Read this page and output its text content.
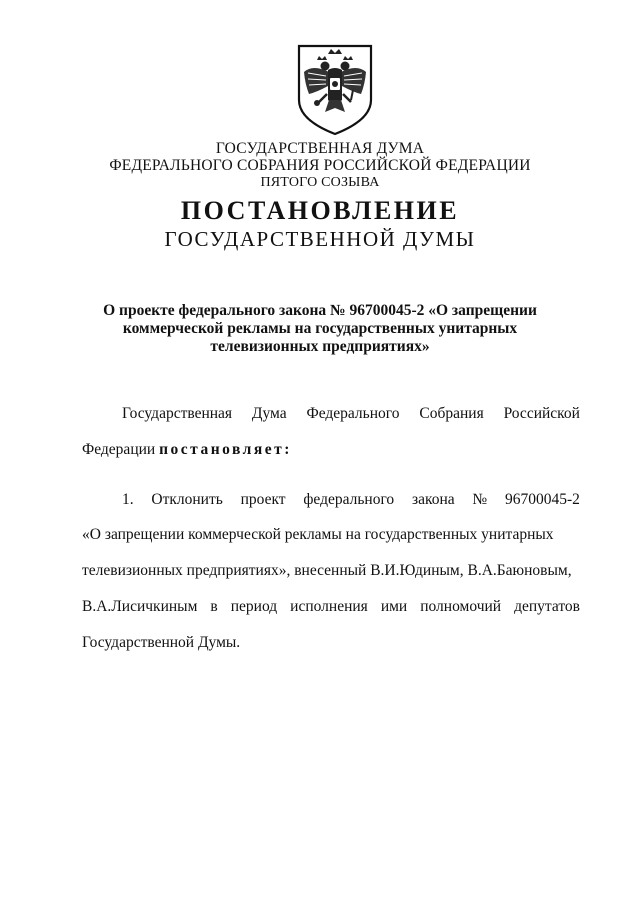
ГОСУДАРСТВЕННАЯ ДУМА
ФЕДЕРАЛЬНОГО СОБРАНИЯ РОССИЙСКОЙ ФЕДЕРАЦИИ
ПЯТОГО СОЗЫВА
ПОСТАНОВЛЕНИЕ
ГОСУДАРСТВЕННОЙ ДУМЫ
О проекте федерального закона № 96700045-2 «О запрещении
коммерческой рекламы на государственных унитарных
телевизионных предприятиях»
Государственная Дума Федерального Собрания Российской
Федерации постановляет:
1. Отклонить проект федерального закона № 96700045-2
«О запрещении коммерческой рекламы на государственных унитарных
телевизионных предприятиях», внесенный В.И.Юдиным, В.А.Баюновым,
В.А.Лисичкиным в период исполнения ими полномочий депутатов
Государственной Думы.
